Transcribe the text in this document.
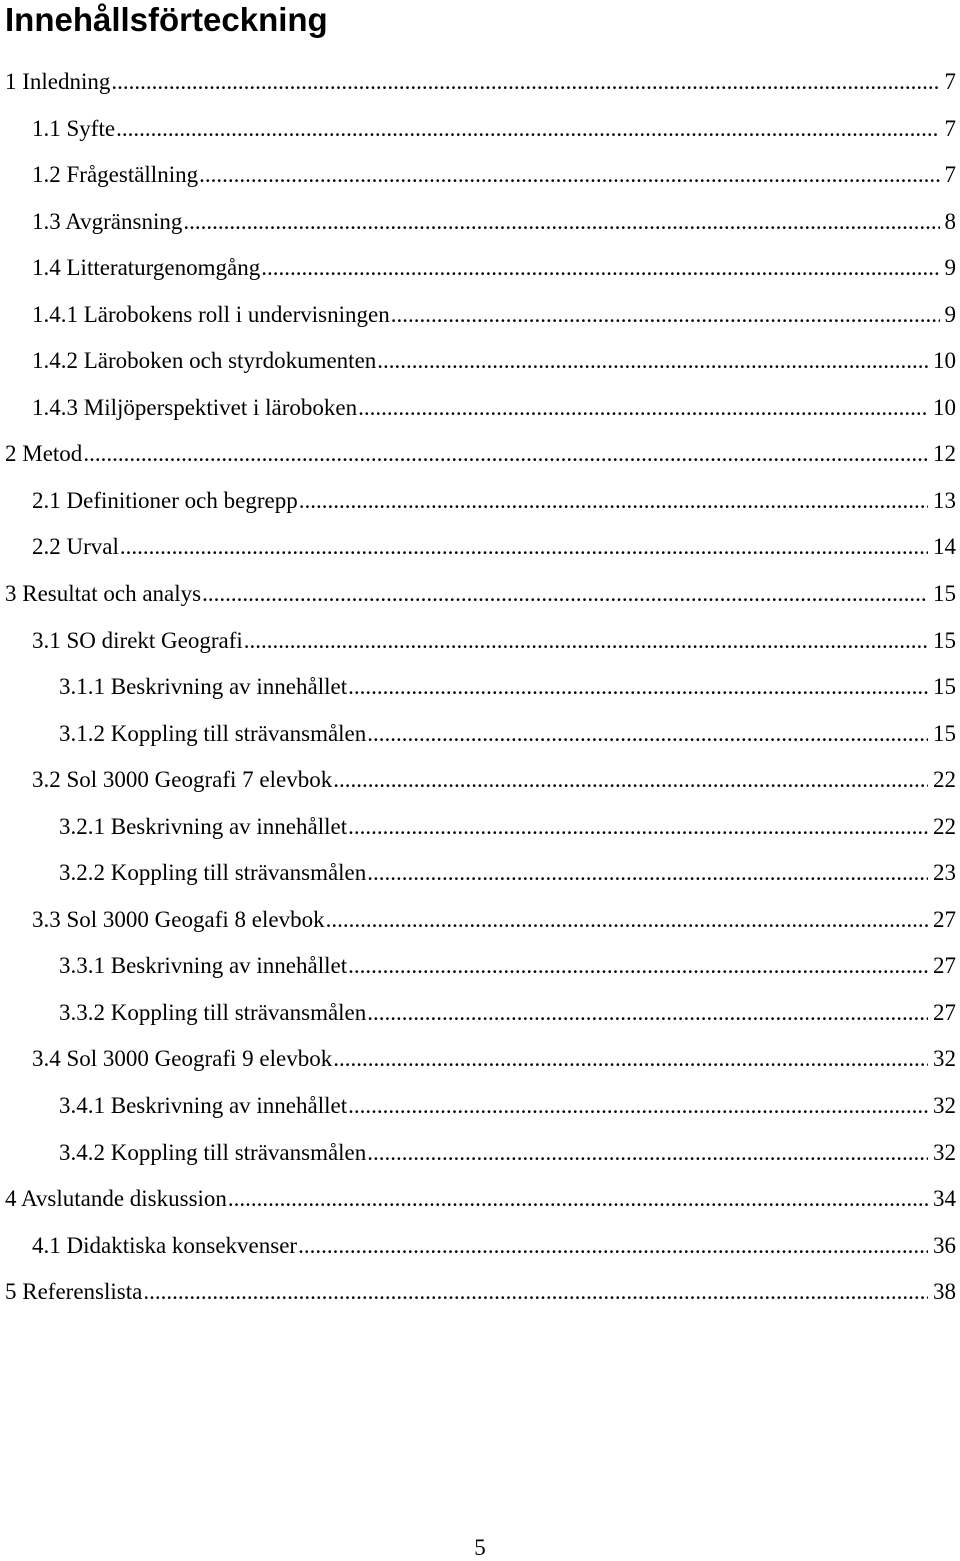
Innehållsförteckning
1 Inledning .....	7
1.1 Syfte .....	7
1.2 Frågeställning .....	7
1.3 Avgränsning .....	8
1.4 Litteraturgenomgång .....	9
1.4.1 Lärobokens roll i undervisningen .....	9
1.4.2 Läroboken och styrdokumenten .....	10
1.4.3 Miljöperspektivet i läroboken .....	10
2 Metod .....	12
2.1 Definitioner och begrepp .....	13
2.2 Urval .....	14
3 Resultat och analys .....	15
3.1 SO direkt Geografi .....	15
3.1.1 Beskrivning av innehållet .....	15
3.1.2 Koppling till strävansmålen .....	15
3.2 Sol 3000 Geografi 7 elevbok .....	22
3.2.1 Beskrivning av innehållet .....	22
3.2.2 Koppling till strävansmålen .....	23
3.3 Sol 3000 Geogafi 8 elevbok .....	27
3.3.1 Beskrivning av innehållet .....	27
3.3.2 Koppling till strävansmålen .....	27
3.4 Sol 3000 Geografi 9 elevbok .....	32
3.4.1 Beskrivning av innehållet .....	32
3.4.2 Koppling till strävansmålen .....	32
4 Avslutande diskussion .....	34
4.1 Didaktiska konsekvenser .....	36
5 Referenslista .....	38
5
